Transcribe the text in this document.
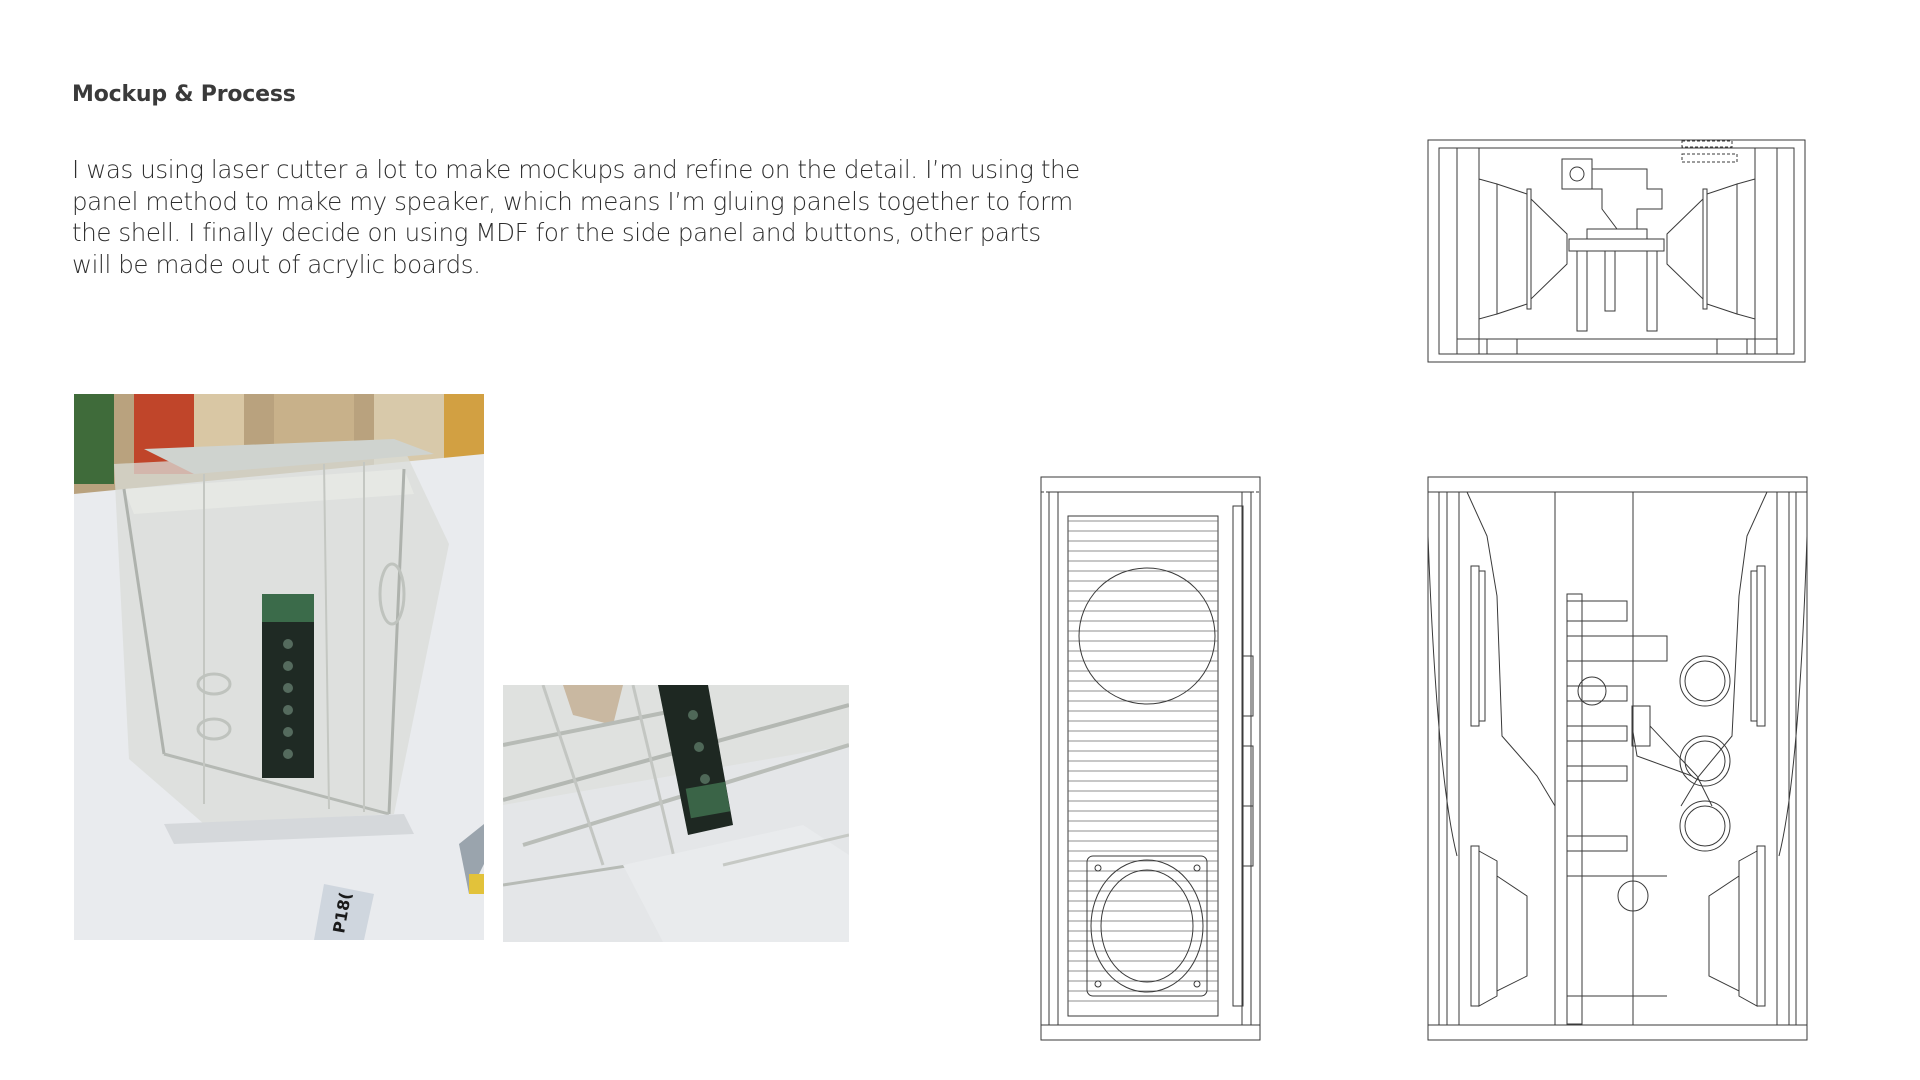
Mockup & Process
I was using laser cutter a lot to make mockups and refine on the detail. I’m using the panel method to make my speaker, which means I’m gluing panels together to form the shell. I finally decide on using MDF for the side panel and buttons, other parts will be made out of acrylic boards.
P18(
